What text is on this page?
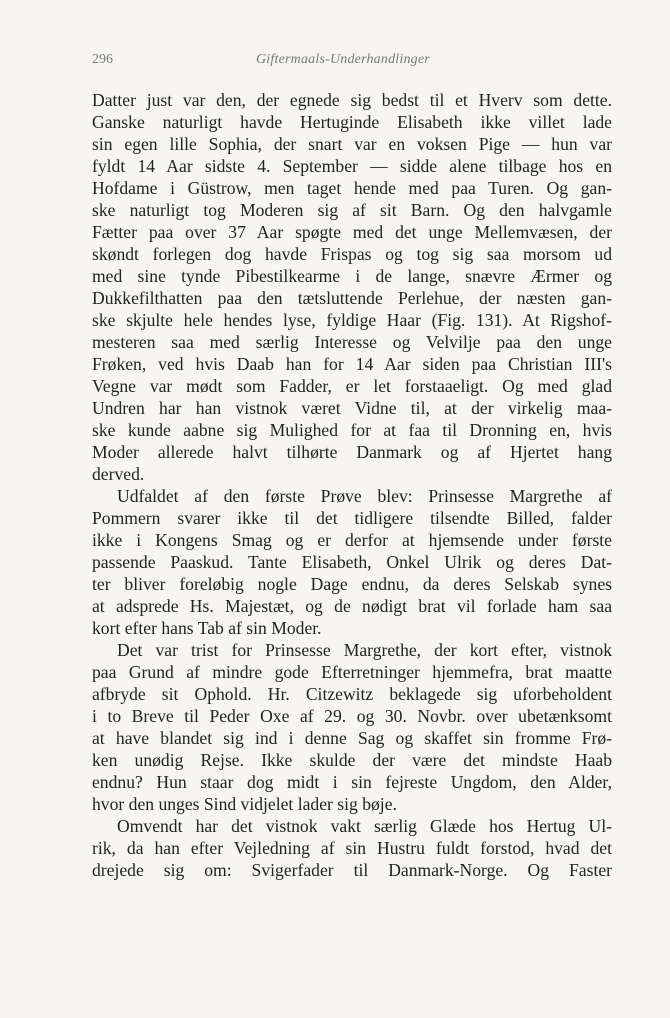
296	Giftermaals-Underhandlinger
Datter just var den, der egnede sig bedst til et Hverv som dette.
Ganske naturligt havde Hertuginde Elisabeth ikke villet lade
sin egen lille Sophia, der snart var en voksen Pige — hun var
fyldt 14 Aar sidste 4. September — sidde alene tilbage hos en
Hofdame i Güstrow, men taget hende med paa Turen. Og gan-
ske naturligt tog Moderen sig af sit Barn. Og den halvgamle
Fætter paa over 37 Aar spøgte med det unge Mellemvæsen, der
skøndt forlegen dog havde Frispas og tog sig saa morsom ud
med sine tynde Pibestilkearme i de lange, snævre Ærmer og
Dukkefilthatten paa den tætsluttende Perlehue, der næsten gan-
ske skjulte hele hendes lyse, fyldige Haar (Fig. 131). At Rigshof-
mesteren saa med særlig Interesse og Velvilje paa den unge
Frøken, ved hvis Daab han for 14 Aar siden paa Christian III's
Vegne var mødt som Fadder, er let forstaaeligt. Og med glad
Undren har han vistnok været Vidne til, at der virkelig maa-
ske kunde aabne sig Mulighed for at faa til Dronning en, hvis
Moder allerede halvt tilhørte Danmark og af Hjertet hang
derved.
Udfaldet af den første Prøve blev: Prinsesse Margrethe af
Pommern svarer ikke til det tidligere tilsendte Billed, falder
ikke i Kongens Smag og er derfor at hjemsende under første
passende Paaskud. Tante Elisabeth, Onkel Ulrik og deres Dat-
ter bliver foreløbig nogle Dage endnu, da deres Selskab synes
at adsprede Hs. Majestæt, og de nødigt brat vil forlade ham saa
kort efter hans Tab af sin Moder.
Det var trist for Prinsesse Margrethe, der kort efter, vistnok
paa Grund af mindre gode Efterretninger hjemmefra, brat maatte
afbryde sit Ophold. Hr. Citzewitz beklagede sig uforbeholdent
i to Breve til Peder Oxe af 29. og 30. Novbr. over ubetænksomt
at have blandet sig ind i denne Sag og skaffet sin fromme Frø-
ken unødig Rejse. Ikke skulde der være det mindste Haab
endnu? Hun staar dog midt i sin fejreste Ungdom, den Alder,
hvor den unges Sind vidjelet lader sig bøje.
Omvendt har det vistnok vakt særlig Glæde hos Hertug Ul-
rik, da han efter Vejledning af sin Hustru fuldt forstod, hvad det
drejede sig om: Svigerfader til Danmark-Norge. Og Faster
